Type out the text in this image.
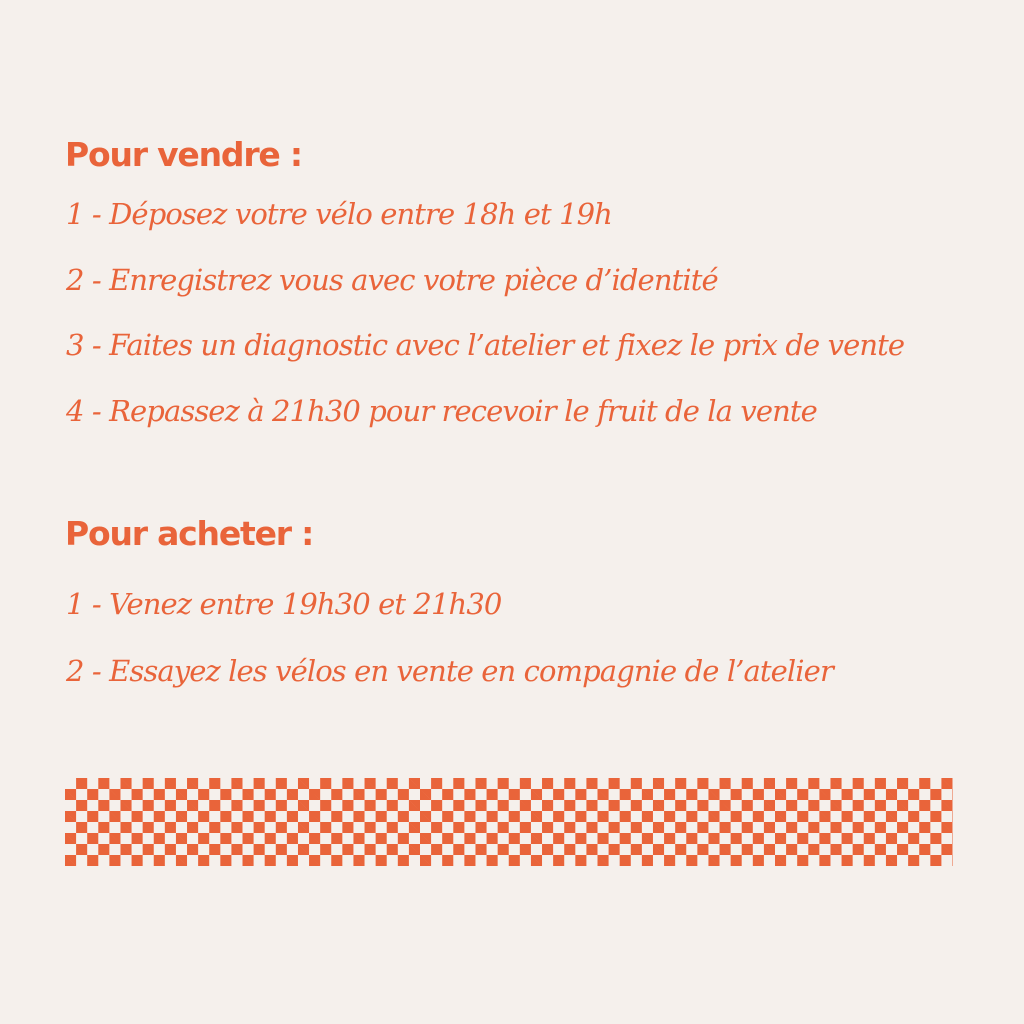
Pour vendre :

1 - Déposez votre vélo entre 18h et 19h

2 - Enregistrez vous avec votre pièce d’identité

3 - Faites un diagnostic avec l’atelier et fixez le prix de vente

4 - Repassez à 21h30 pour recevoir le fruit de la vente

Pour acheter :

1 - Venez entre 19h30 et 21h30

2 - Essayez les vélos en vente en compagnie de l’atelier
